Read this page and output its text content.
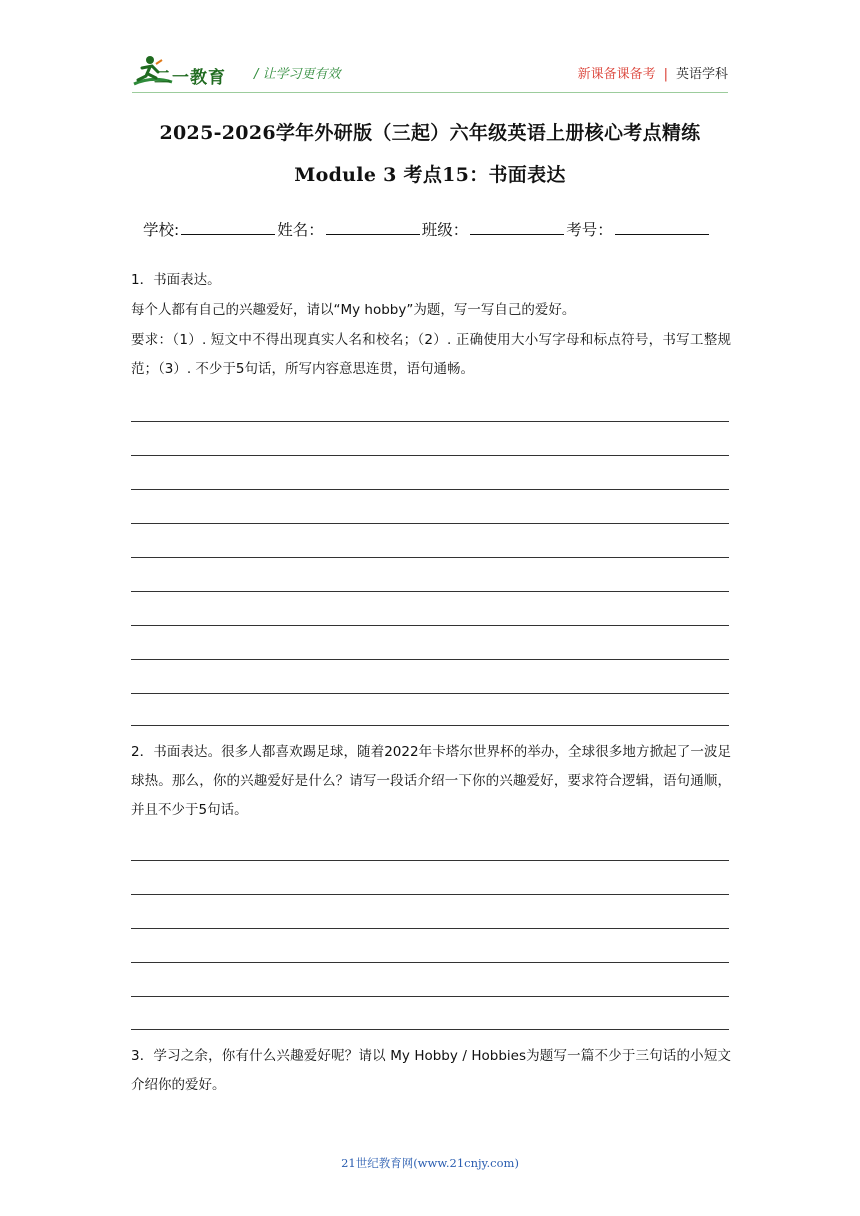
二一教育 / 让学习更有效	新课备课备考 | 英语学科
2025-2026学年外研版（三起）六年级英语上册核心考点精练
Module 3 考点15：书面表达
学校:	姓名：	班级：	考号：
1．书面表达。
每个人都有自己的兴趣爱好，请以“My hobby”为题，写一写自己的爱好。
要求：（1）. 短文中不得出现真实人名和校名；（2）. 正确使用大小写字母和标点符号，书写工整规范；（3）. 不少于5句话，所写内容意思连贯，语句通畅。
2．书面表达。很多人都喜欢踢足球，随着2022年卡塔尔世界杯的举办，全球很多地方掀起了一波足球热。那么，你的兴趣爱好是什么？请写一段话介绍一下你的兴趣爱好，要求符合逻辑，语句通顺，并且不少于5句话。
3．学习之余，你有什么兴趣爱好呢？请以 My Hobby / Hobbies为题写一篇不少于三句话的小短文介绍你的爱好。
21世纪教育网(www.21cnjy.com)
